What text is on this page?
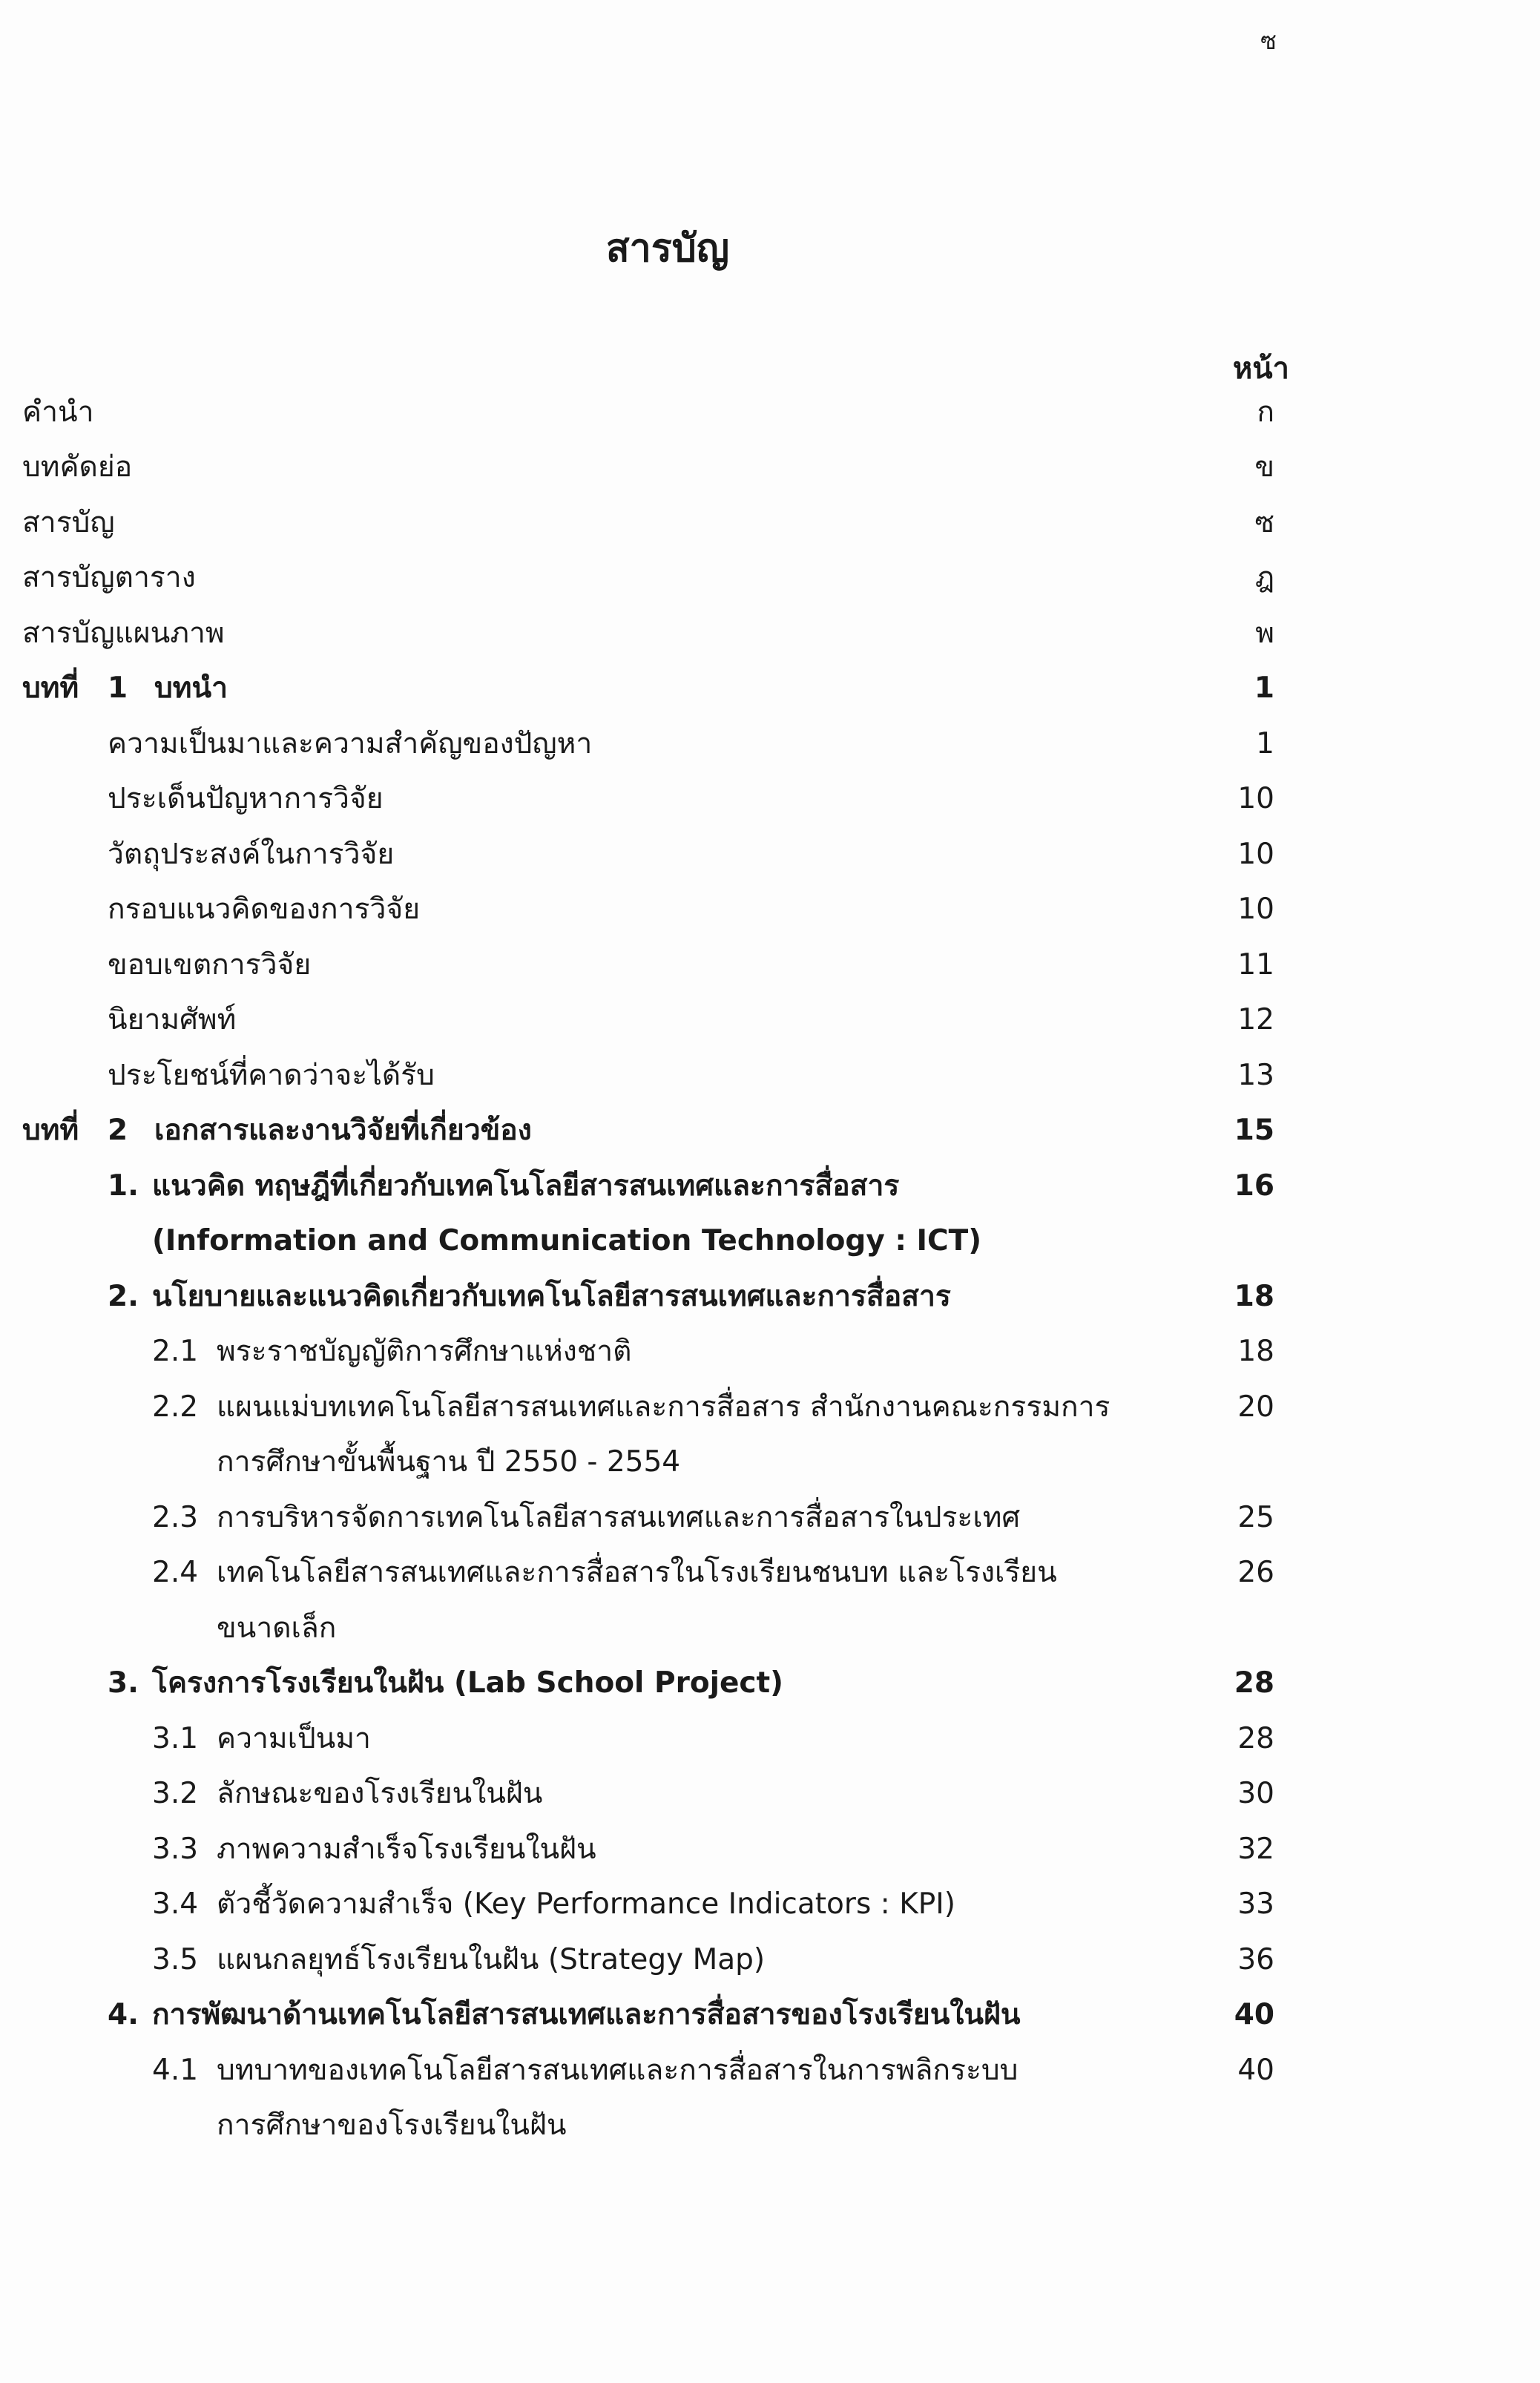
ซ
สารบัญ
หน้า
คำนำ	ก
บทคัดย่อ	ข
สารบัญ	ซ
สารบัญตาราง	ฎ
สารบัญแผนภาพ	พ
บทที่ 1 บทนำ	1
ความเป็นมาและความสำคัญของปัญหา	1
ประเด็นปัญหาการวิจัย	10
วัตถุประสงค์ในการวิจัย	10
กรอบแนวคิดของการวิจัย	10
ขอบเขตการวิจัย	11
นิยามศัพท์	12
ประโยชน์ที่คาดว่าจะได้รับ	13
บทที่ 2 เอกสารและงานวิจัยที่เกี่ยวข้อง	15
1. แนวคิด ทฤษฎีที่เกี่ยวกับเทคโนโลยีสารสนเทศและการสื่อสาร	16
(Information and Communication Technology : ICT)
2. นโยบายและแนวคิดเกี่ยวกับเทคโนโลยีสารสนเทศและการสื่อสาร	18
2.1 พระราชบัญญัติการศึกษาแห่งชาติ	18
2.2 แผนแม่บทเทคโนโลยีสารสนเทศและการสื่อสาร สำนักงานคณะกรรมการ	20
การศึกษาขั้นพื้นฐาน ปี 2550 - 2554
2.3 การบริหารจัดการเทคโนโลยีสารสนเทศและการสื่อสารในประเทศ	25
2.4 เทคโนโลยีสารสนเทศและการสื่อสารในโรงเรียนชนบท และโรงเรียน	26
ขนาดเล็ก
3. โครงการโรงเรียนในฝัน (Lab School Project)	28
3.1 ความเป็นมา	28
3.2 ลักษณะของโรงเรียนในฝัน	30
3.3 ภาพความสำเร็จโรงเรียนในฝัน	32
3.4 ตัวชี้วัดความสำเร็จ (Key Performance Indicators : KPI)	33
3.5 แผนกลยุทธ์โรงเรียนในฝัน (Strategy Map)	36
4. การพัฒนาด้านเทคโนโลยีสารสนเทศและการสื่อสารของโรงเรียนในฝัน	40
4.1 บทบาทของเทคโนโลยีสารสนเทศและการสื่อสารในการพลิกระบบ	40
การศึกษาของโรงเรียนในฝัน
